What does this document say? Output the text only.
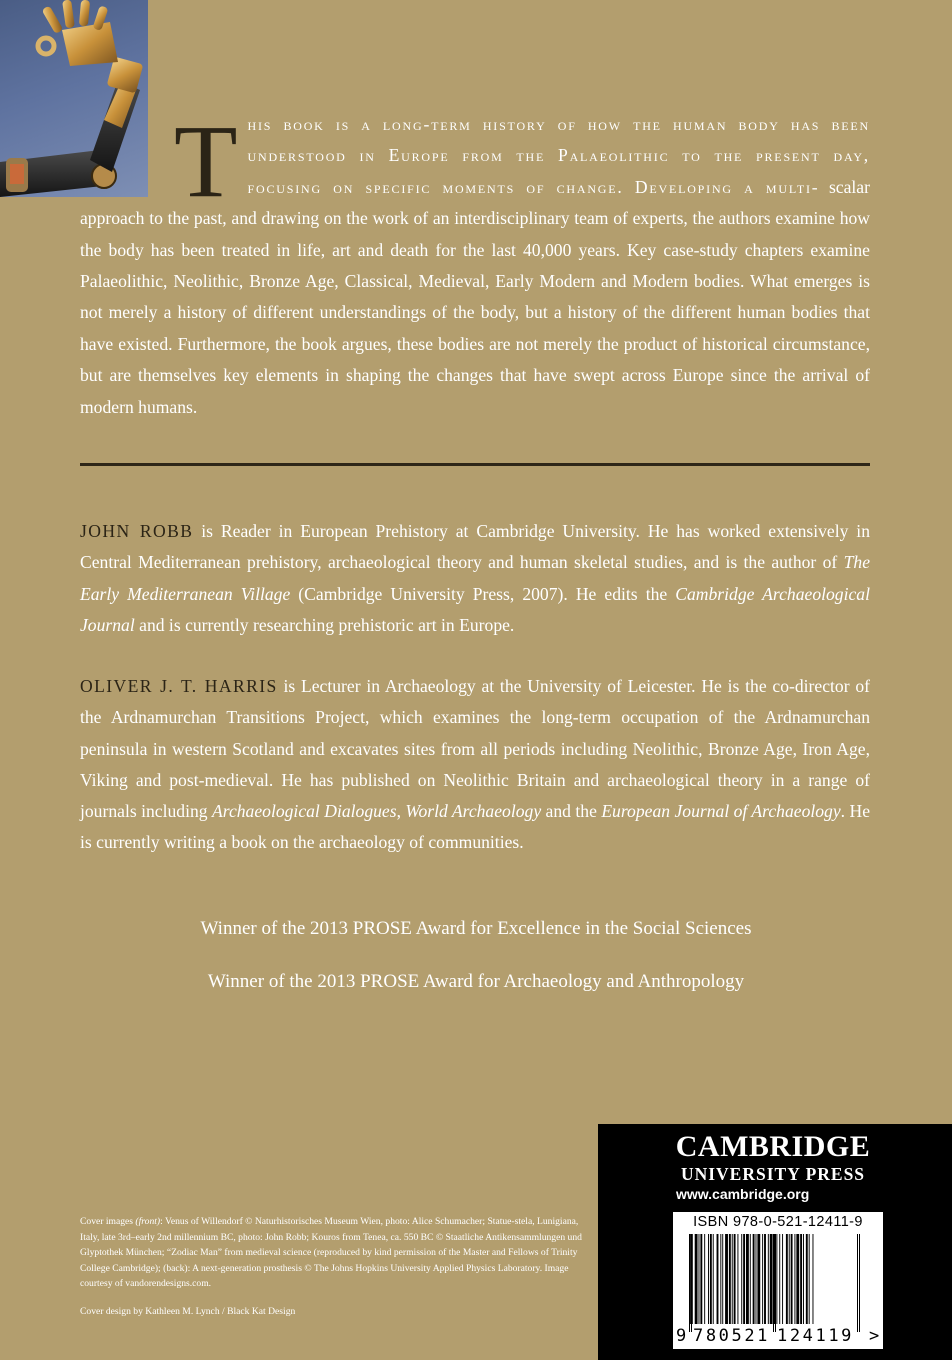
This book is a long-term history of how the human body has been understood in Europe from the Palaeolithic to the present day, focusing on specific moments of change. Developing a multi- scalar approach to the past, and drawing on the work of an interdisciplinary team of experts, the authors examine how the body has been treated in life, art and death for the last 40,000 years. Key case-study chapters examine Palaeolithic, Neolithic, Bronze Age, Classical, Medieval, Early Modern and Modern bodies. What emerges is not merely a history of different understandings of the body, but a history of the different human bodies that have existed. Furthermore, the book argues, these bodies are not merely the product of historical circumstance, but are themselves key elements in shaping the changes that have swept across Europe since the arrival of modern humans.
JOHN ROBB is Reader in European Prehistory at Cambridge University. He has worked extensively in Central Mediterranean prehistory, archaeological theory and human skeletal studies, and is the author of The Early Mediterranean Village (Cambridge University Press, 2007). He edits the Cambridge Archaeological Journal and is currently researching prehistoric art in Europe.
OLIVER J. T. HARRIS is Lecturer in Archaeology at the University of Leicester. He is the co-director of the Ardnamurchan Transitions Project, which examines the long-term occupation of the Ardnamurchan peninsula in western Scotland and excavates sites from all periods including Neolithic, Bronze Age, Iron Age, Viking and post-medieval. He has published on Neolithic Britain and archaeological theory in a range of journals including Archaeological Dialogues, World Archaeology and the European Journal of Archaeology. He is currently writing a book on the archaeology of communities.
Winner of the 2013 PROSE Award for Excellence in the Social Sciences
Winner of the 2013 PROSE Award for Archaeology and Anthropology
Cover images (front): Venus of Willendorf © Naturhistorisches Museum Wien, photo: Alice Schumacher; Statue-stela, Lunigiana, Italy, late 3rd–early 2nd millennium BC, photo: John Robb; Kouros from Tenea, ca. 550 BC © Staatliche Antikensammlungen und Glyptothek München; “Zodiac Man” from medieval science (reproduced by kind permission of the Master and Fellows of Trinity College Cambridge); (back): A next-generation prosthesis © The Johns Hopkins University Applied Physics Laboratory. Image courtesy of vandorendesigns.com.
Cover design by Kathleen M. Lynch / Black Kat Design
CAMBRIDGE
UNIVERSITY PRESS
www.cambridge.org
ISBN 978-0-521-12411-9
9 780521 124119 >
